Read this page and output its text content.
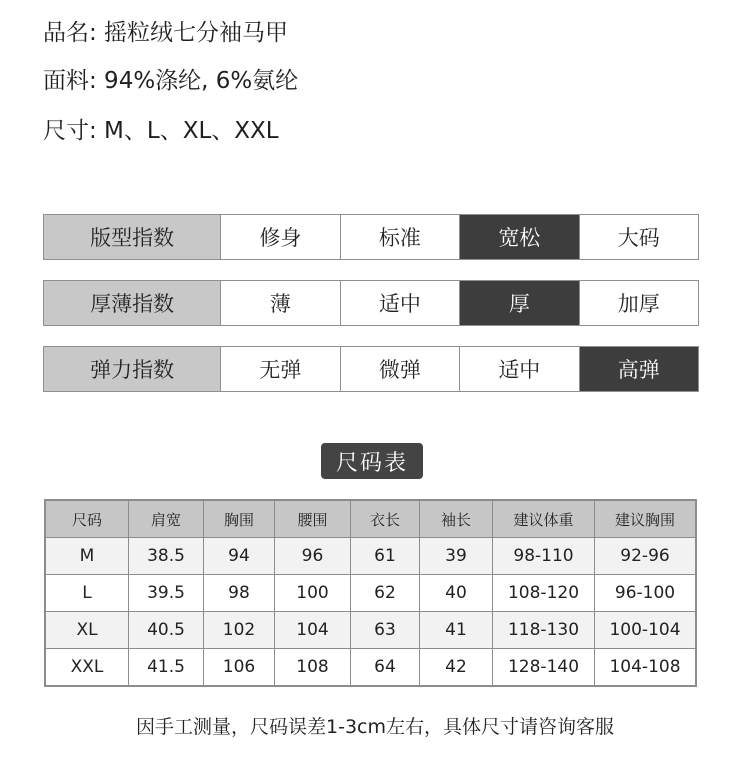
品名: 摇粒绒七分袖马甲
面料: 94%涤纶, 6%氨纶
尺寸: M、L、XL、XXL
版型指数	修身	标准	宽松	大码
厚薄指数	薄	适中	厚	加厚
弹力指数	无弹	微弹	适中	高弹
尺码表
尺码	肩宽	胸围	腰围	衣长	袖长	建议体重	建议胸围
M	38.5	94	96	61	39	98-110	92-96
L	39.5	98	100	62	40	108-120	96-100
XL	40.5	102	104	63	41	118-130	100-104
XXL	41.5	106	108	64	42	128-140	104-108
因手工测量，尺码误差1-3cm左右，具体尺寸请咨询客服
